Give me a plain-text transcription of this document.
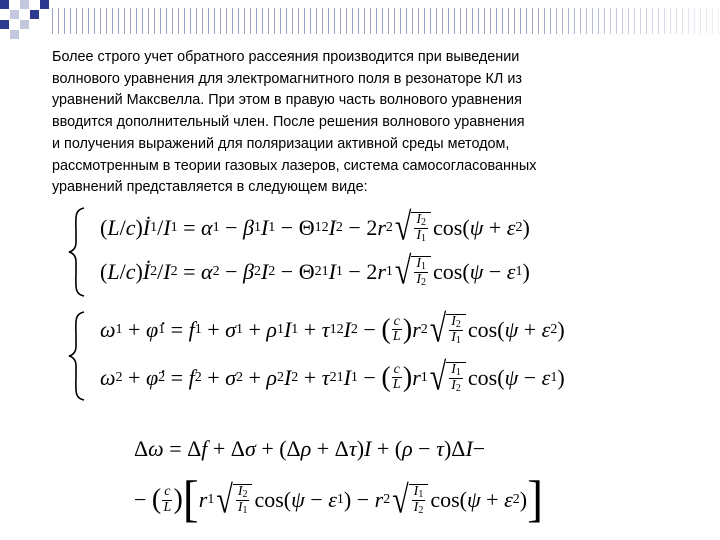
Более строго учет обратного рассеяния производится при выведении
волнового уравнения для электромагнитного поля в резонаторе КЛ из
уравнений Максвелла. При этом в правую часть волнового уравнения
вводится дополнительный член. После решения волнового уравнения
и получения выражений для поляризации активной среды методом,
рассмотренным в теории газовых лазеров, система самосогласованных
уравнений представляется в следующем виде:

( L / c ) İ 1 / I 1 = α 1 − β 1 I 1 − Θ 12 I 2 − 2 r 2 √ $\frac{I_2}{I_1} \cos$( ψ + ε 2 )
( L / c ) İ 2 / I 2 = α 2 − β 2 I 2 − Θ 21 I 1 − 2 r 1 √ $\frac{I_1}{I_2} \cos$( ψ − ε 1 )
ω 1 + φ̇ 1 = f 1 + σ 1 + ρ 1 I 1 + τ 12 I 2 − ( $\frac{c}{L}$ ) r 2 √ $\frac{I_2}{I_1} \cos$( ψ + ε 2 )
ω 2 + φ̇ 2 = f 2 + σ 2 + ρ 2 I 2 + τ 21 I 1 − ( $\frac{c}{L}$ ) r 1 √ $\frac{I_1}{I_2} \cos$( ψ − ε 1 )
Δ ω = Δ f + Δ σ + (Δ ρ + Δ τ ) I + ( ρ − τ )Δ I −
− ( $\frac{c}{L}$ ) [ r 1 √ $\frac{I_2}{I_1} \cos$( ψ − ε 1 ) − r 2 √ $\frac{I_1}{I_2} \cos$( ψ + ε 2 ) ]
